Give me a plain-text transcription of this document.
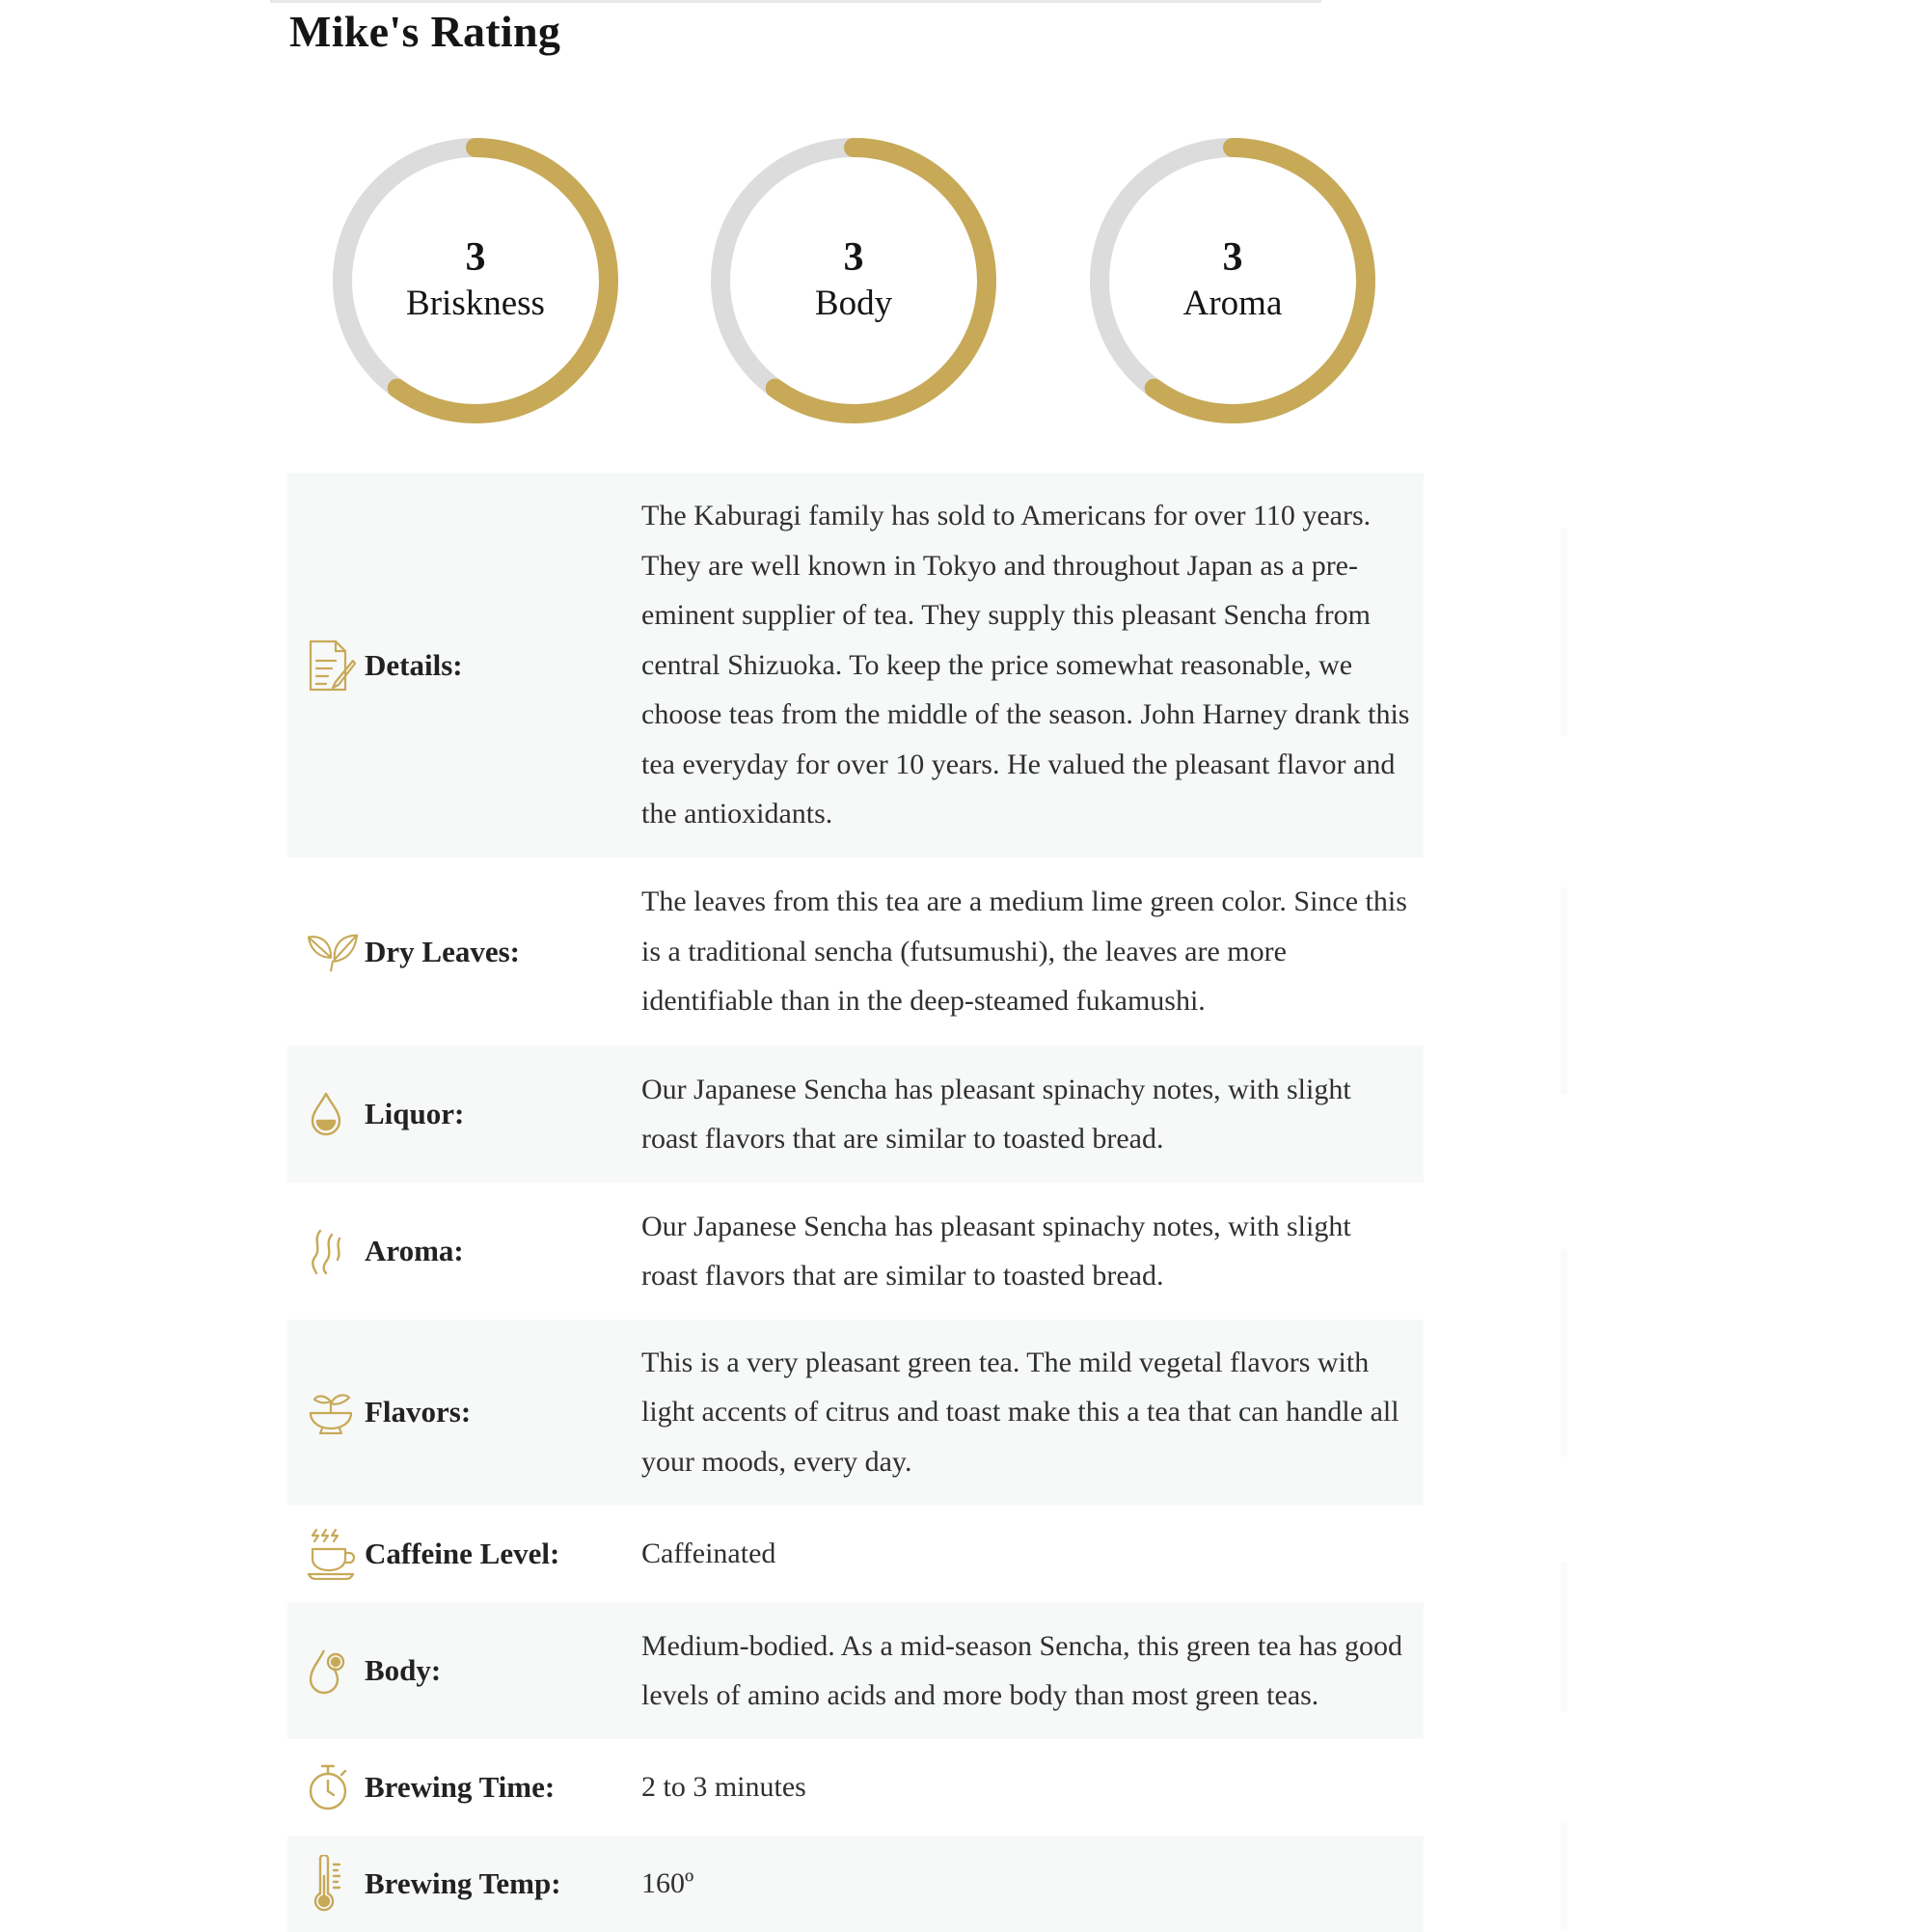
Mike's Rating
3
Briskness
3
Body
3
Aroma
Details:
The Kaburagi family has sold to Americans for over 110 years. They are well known in Tokyo and throughout Japan as a pre-eminent supplier of tea. They supply this pleasant Sencha from central Shizuoka. To keep the price somewhat reasonable, we choose teas from the middle of the season. John Harney drank this tea everyday for over 10 years. He valued the pleasant flavor and the antioxidants.
Dry Leaves:
The leaves from this tea are a medium lime green color. Since this is a traditional sencha (futsumushi), the leaves are more identifiable than in the deep-steamed fukamushi.
Liquor:
Our Japanese Sencha has pleasant spinachy notes, with slight roast flavors that are similar to toasted bread.
Aroma:
Our Japanese Sencha has pleasant spinachy notes, with slight roast flavors that are similar to toasted bread.
Flavors:
This is a very pleasant green tea. The mild vegetal flavors with light accents of citrus and toast make this a tea that can handle all your moods, every day.
Caffeine Level:	Caffeinated
Body:
Medium-bodied. As a mid-season Sencha, this green tea has good levels of amino acids and more body than most green teas.
Brewing Time:	2 to 3 minutes
Brewing Temp:	160º
